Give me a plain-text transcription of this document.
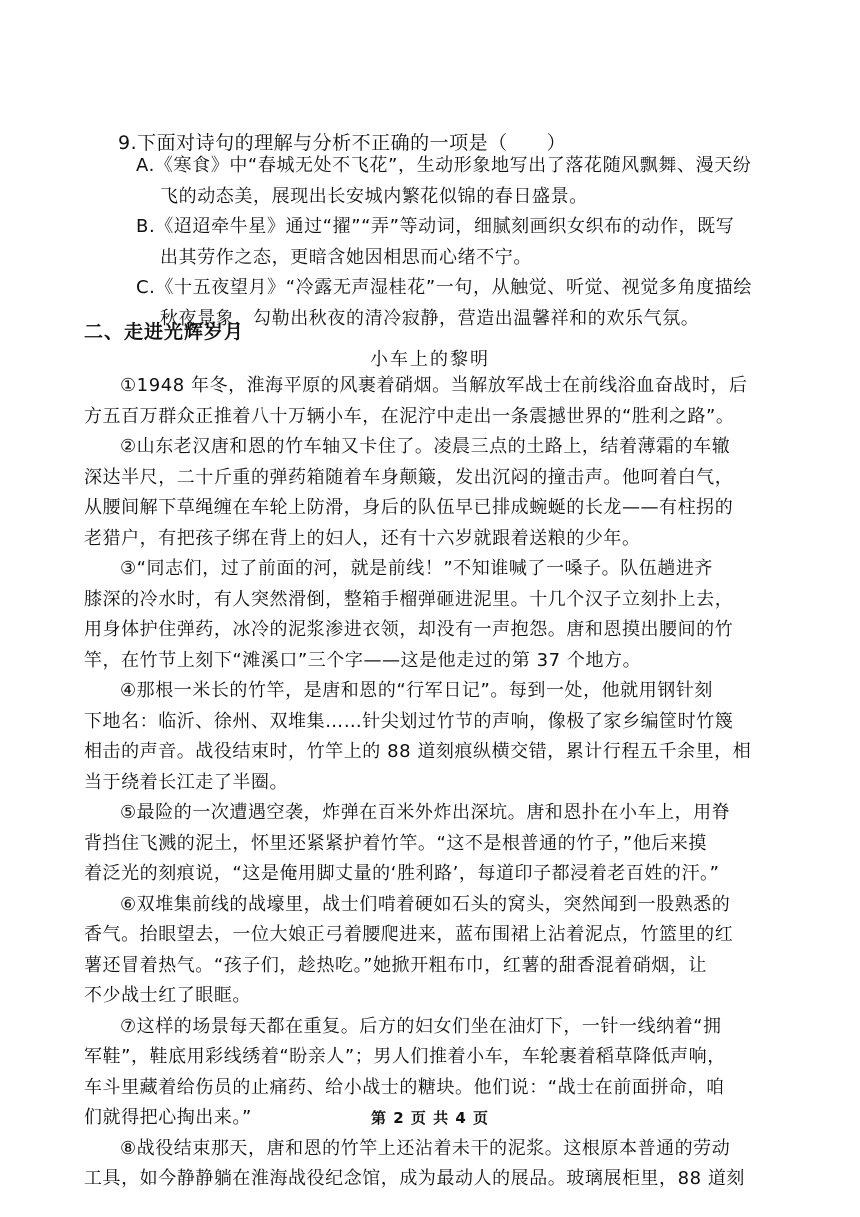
9.下面对诗句的理解与分析不正确的一项是（　　）
A.《寒食》中“春城无处不飞花”，生动形象地写出了落花随风飘舞、漫天纷
飞的动态美，展现出长安城内繁花似锦的春日盛景。
B.《迢迢牵牛星》通过“擢”“弄”等动词，细腻刻画织女织布的动作，既写
出其劳作之态，更暗含她因相思而心绪不宁。
C.《十五夜望月》“冷露无声湿桂花”一句，从触觉、听觉、视觉多角度描绘
秋夜景象，勾勒出秋夜的清冷寂静，营造出温馨祥和的欢乐气氛。
二、走进光辉岁月
小车上的黎明
①1948 年冬，淮海平原的风裹着硝烟。当解放军战士在前线浴血奋战时，后
方五百万群众正推着八十万辆小车，在泥泞中走出一条震撼世界的“胜利之路”。
②山东老汉唐和恩的竹车轴又卡住了。凌晨三点的土路上，结着薄霜的车辙
深达半尺，二十斤重的弹药箱随着车身颠簸，发出沉闷的撞击声。他呵着白气，
从腰间解下草绳缠在车轮上防滑，身后的队伍早已排成蜿蜒的长龙——有柱拐的
老猎户，有把孩子绑在背上的妇人，还有十六岁就跟着送粮的少年。
③“同志们，过了前面的河，就是前线！”不知谁喊了一嗓子。队伍趟进齐
膝深的冷水时，有人突然滑倒，整箱手榴弹砸进泥里。十几个汉子立刻扑上去，
用身体护住弹药，冰冷的泥浆渗进衣领，却没有一声抱怨。唐和恩摸出腰间的竹
竿，在竹节上刻下“滩溪口”三个字——这是他走过的第 37 个地方。
④那根一米长的竹竿，是唐和恩的“行军日记”。每到一处，他就用钢针刻
下地名：临沂、徐州、双堆集……针尖划过竹节的声响，像极了家乡编筐时竹篾
相击的声音。战役结束时，竹竿上的 88 道刻痕纵横交错，累计行程五千余里，相
当于绕着长江走了半圈。
⑤最险的一次遭遇空袭，炸弹在百米外炸出深坑。唐和恩扑在小车上，用脊
背挡住飞溅的泥土，怀里还紧紧护着竹竿。“这不是根普通的竹子，”他后来摸
着泛光的刻痕说，“这是俺用脚丈量的‘胜利路’，每道印子都浸着老百姓的汗。”
⑥双堆集前线的战壕里，战士们啃着硬如石头的窝头，突然闻到一股熟悉的
香气。抬眼望去，一位大娘正弓着腰爬进来，蓝布围裙上沾着泥点，竹篮里的红
薯还冒着热气。“孩子们，趁热吃。”她掀开粗布巾，红薯的甜香混着硝烟，让
不少战士红了眼眶。
⑦这样的场景每天都在重复。后方的妇女们坐在油灯下，一针一线纳着“拥
军鞋”，鞋底用彩线绣着“盼亲人”；男人们推着小车，车轮裹着稻草降低声响，
车斗里藏着给伤员的止痛药、给小战士的糖块。他们说：“战士在前面拼命，咱
们就得把心掏出来。”
⑧战役结束那天，唐和恩的竹竿上还沾着未干的泥浆。这根原本普通的劳动
工具，如今静静躺在淮海战役纪念馆，成为最动人的展品。玻璃展柜里，88 道刻
第 2 页 共 4 页
